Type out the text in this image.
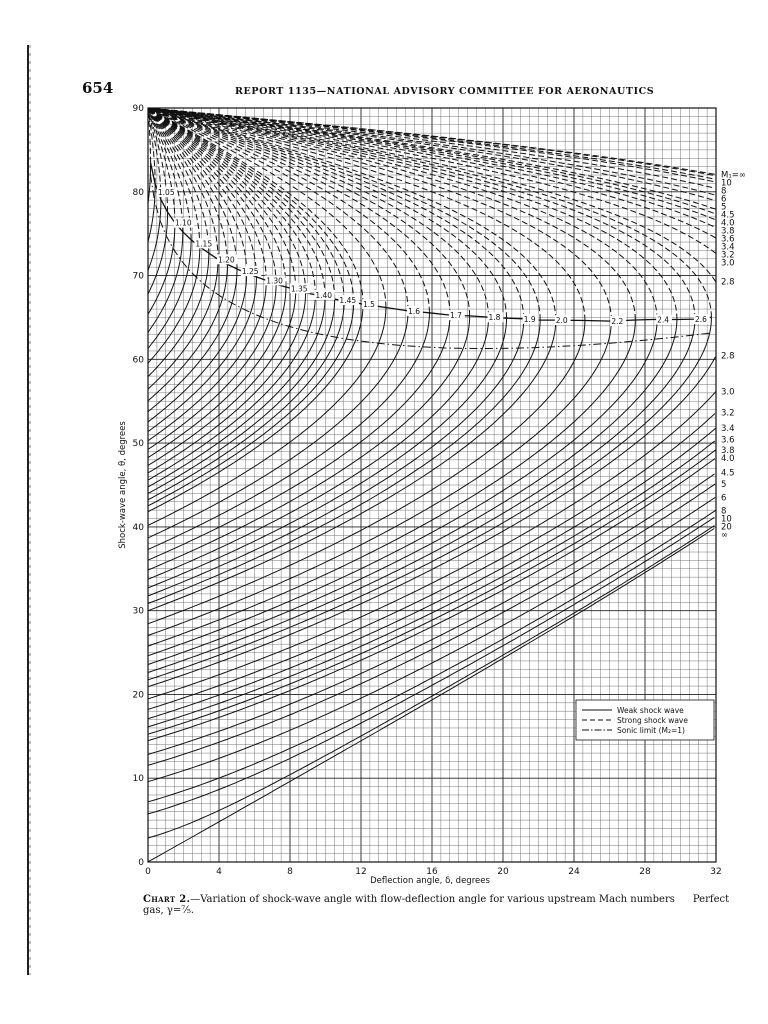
654	REPORT 1135—NATIONAL ADVISORY COMMITTEE FOR AERONAUTICS
0	4	8	12	16	20	24	28	32
0
10
20
30
40
50
60
70
80
90
1.05
1.10
1.15
1.20
1.25
1.30
1.35
1.40
1.45 1.5
1.6	1.7	1.8	1.9	2.0	2.2	2.4	2.6
M₁=∞
10
8
6
5
4.5
4.0
3.8
3.6
3.4
3.2
3.0
2.8
2.8
3.0
3.2
3.4
3.6
3.8
4.0
4.5
5
6
8
10
20
∞
Deflection angle, δ, degrees
Shock-wave angle, θ, degrees
Weak shock wave
Strong shock wave
Sonic limit (M₂=1)
Chart 2.—Variation of shock-wave angle with flow-deflection angle for various upstream Mach numbers Perfect gas, γ=⁷⁄₅.
